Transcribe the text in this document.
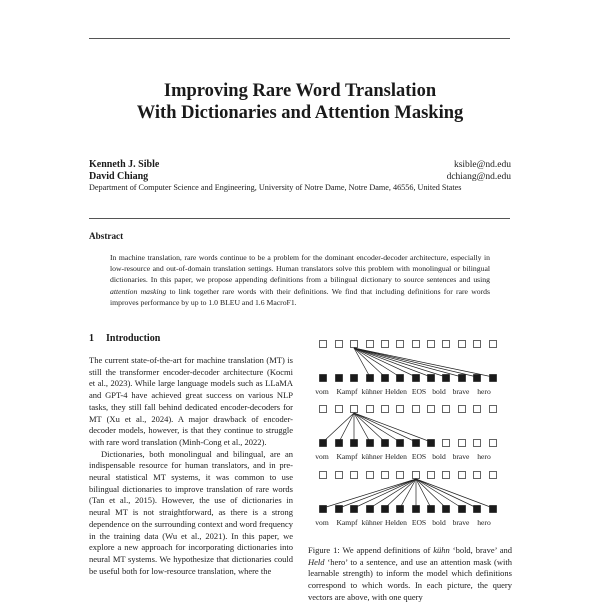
Improving Rare Word Translation
With Dictionaries and Attention Masking
Kenneth J. Sible
David Chiang
ksible@nd.edu
dchiang@nd.edu
Department of Computer Science and Engineering, University of Notre Dame, Notre Dame, 46556, United States
Abstract
In machine translation, rare words continue to be a problem for the dominant encoder-decoder architecture, especially in low-resource and out-of-domain translation settings. Human translators solve this problem with monolingual or bilingual dictionaries. In this paper, we propose appending definitions from a bilingual dictionary to source sentences and using attention masking to link together rare words with their definitions. We find that including definitions for rare words improves performance by up to 1.0 BLEU and 1.6 MacroF1.
1 Introduction

The current state-of-the-art for machine translation (MT) is still the transformer encoder-decoder architecture (Kocmi et al., 2023). While large language models such as LLaMA and GPT-4 have achieved great success on various NLP tasks, they still fall behind dedicated encoder-decoders for MT (Xu et al., 2024). A major drawback of encoder-decoder models, however, is that they continue to struggle with rare word translation (Minh-Cong et al., 2022).

Dictionaries, both monolingual and bilingual, are an indispensable resource for human translators, and in pre-neural statistical MT systems, it was common to use bilingual dictionaries to improve translation of rare words (Tan et al., 2015). However, the use of dictionaries in neural MT is not straightforward, as there is a strong dependence on the surrounding context and word frequency in the training data (Wu et al., 2021). In this paper, we explore a new approach for incorporating dictionaries into neural MT systems. We hypothesize that dictionaries could be useful both for low-resource translation, where the

vom Kampf kühner Helden EOS bold brave hero
vom Kampf kühner Helden EOS bold brave hero
vom Kampf kühner Helden EOS bold brave hero
Figure 1: We append definitions of kühn ‘bold, brave’ and Held ‘hero’ to a sentence, and use an attention mask (with learnable strength) to inform the model which definitions correspond to which words. In each picture, the query vectors are above, with one query
